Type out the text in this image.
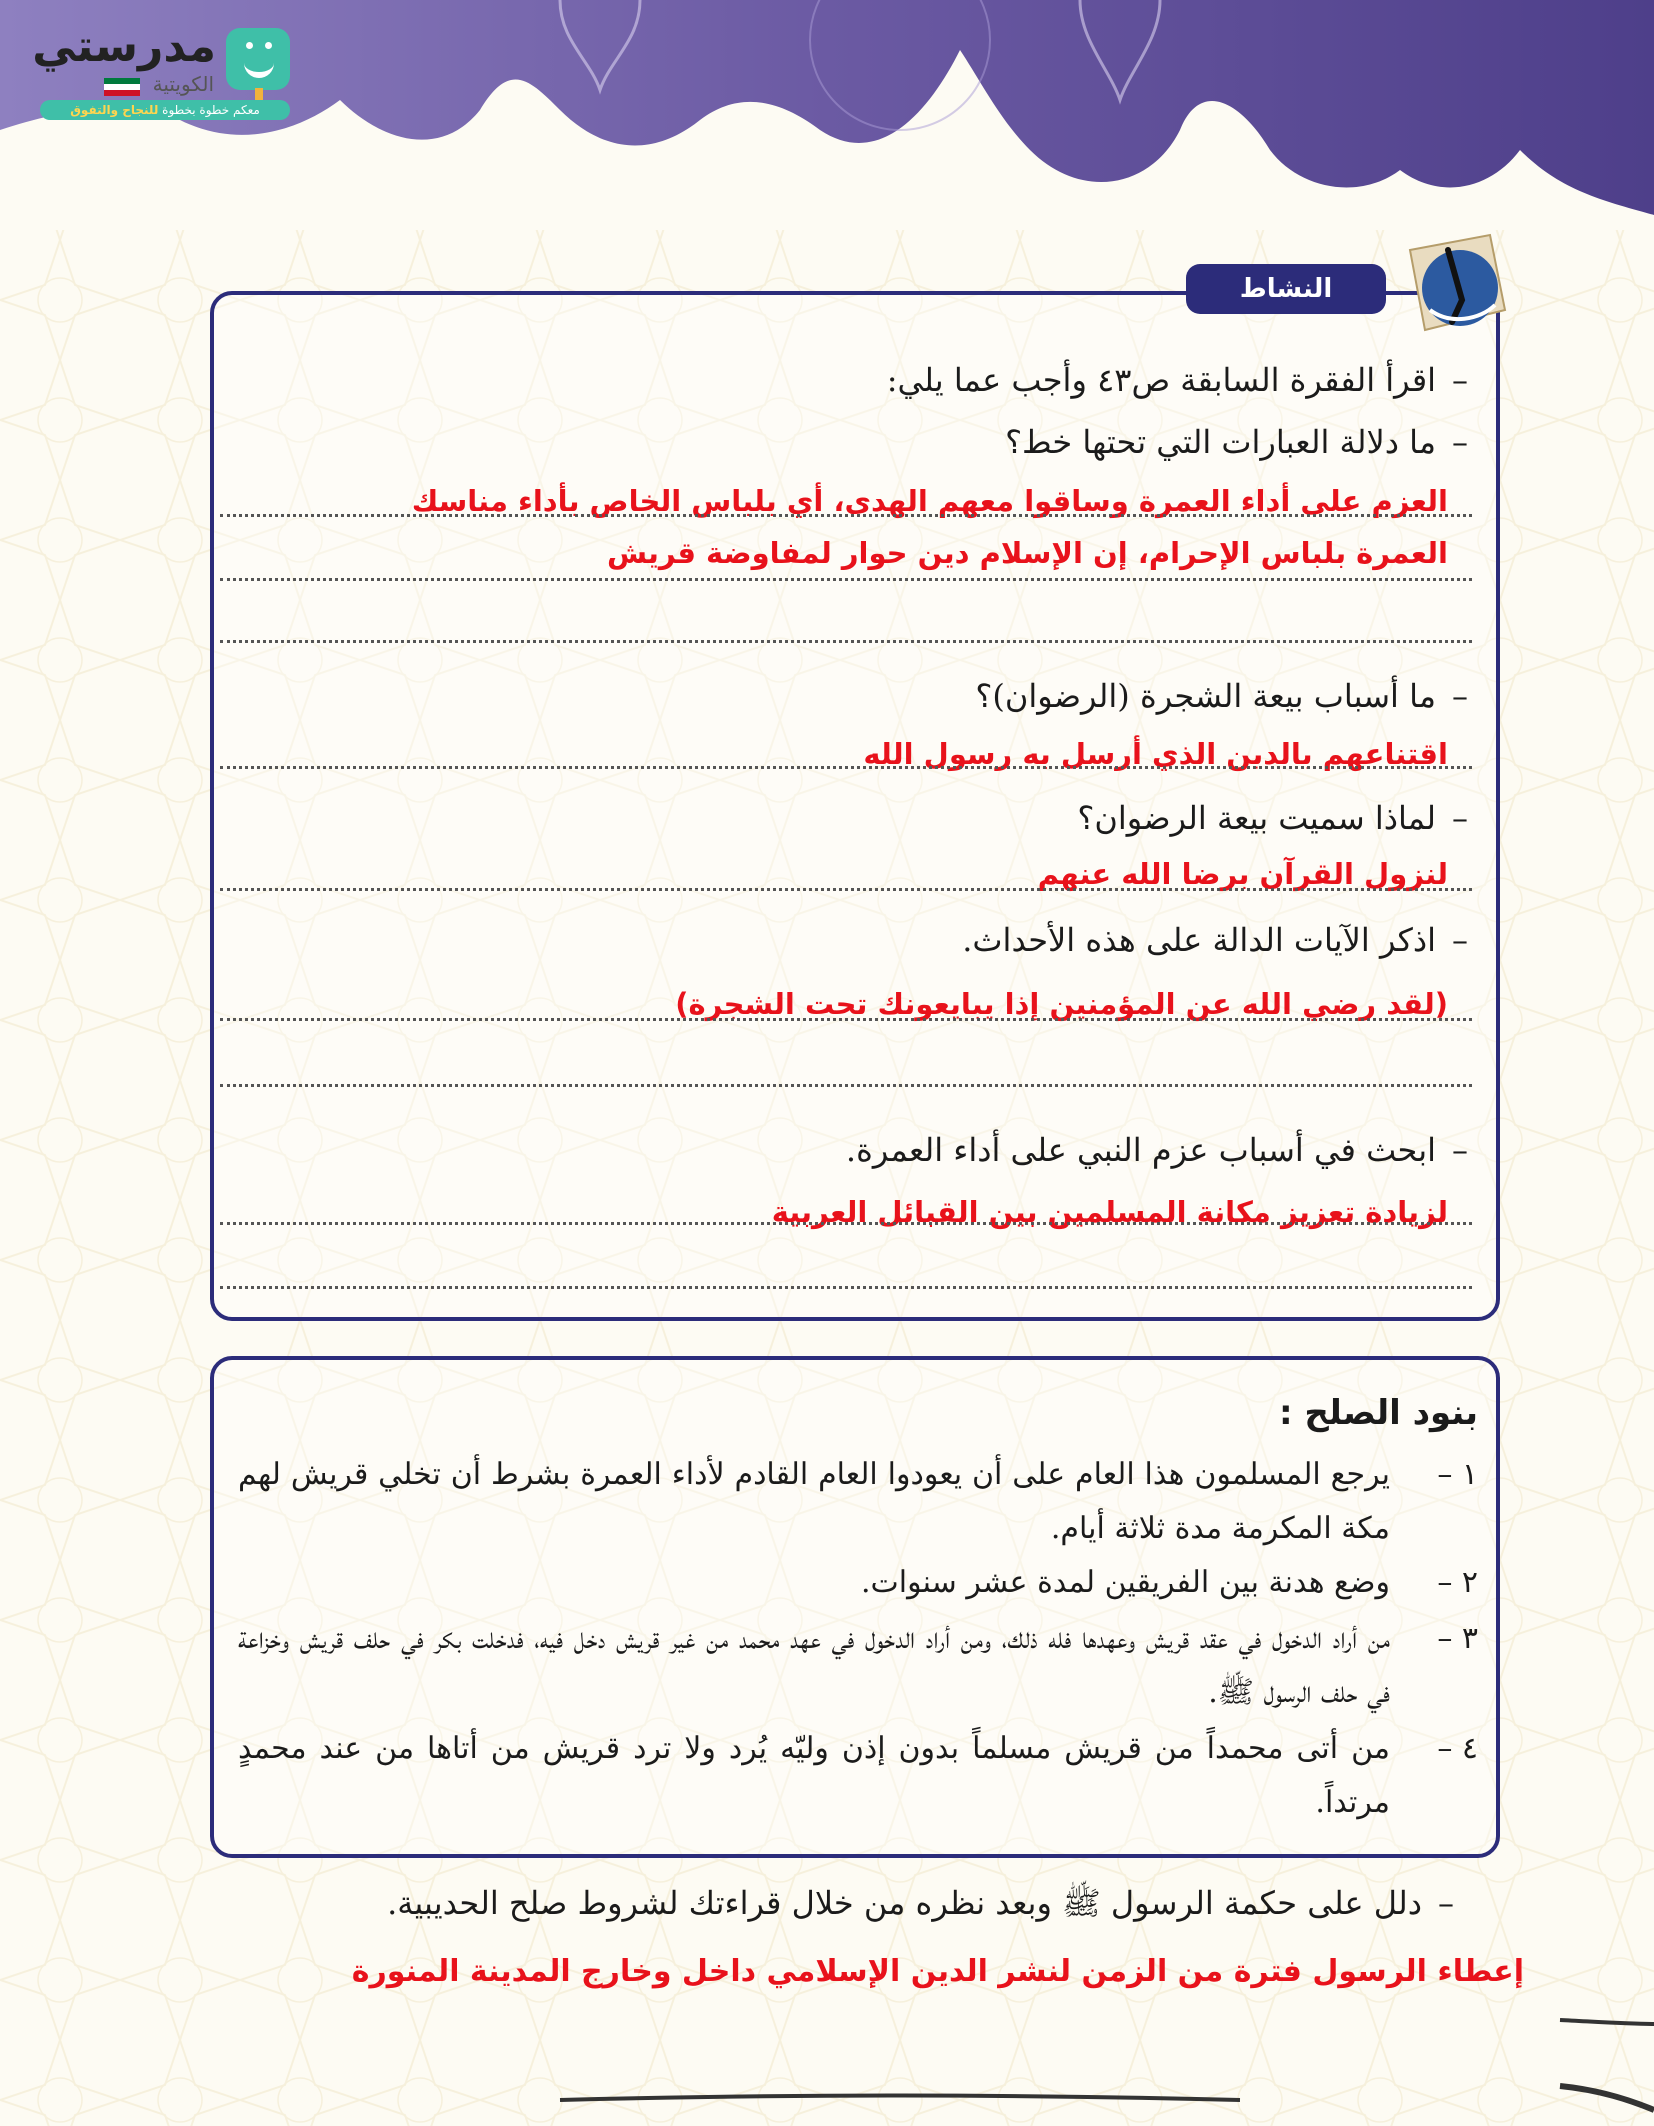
مدرستي
الكويتية
معكم خطوة بخطوة للنجاح والتفوق
النشاط
–اقرأ الفقرة السابقة ص٤٣ وأجب عما يلي:
–ما دلالة العبارات التي تحتها خط؟
العزم على أداء العمرة وساقوا معهم الهدى، أي بلباس الخاص بأداء مناسك
العمرة بلباس الإحرام، إن الإسلام دين حوار لمفاوضة قريش
–ما أسباب بيعة الشجرة (الرضوان)؟
اقتناعهم بالدين الذي أرسل به رسول الله
–لماذا سميت بيعة الرضوان؟
لنزول القرآن برضا الله عنهم
–اذكر الآيات الدالة على هذه الأحداث.
(لقد رضي الله عن المؤمنين إذا يبايعونك تحت الشجرة)
–ابحث في أسباب عزم النبي على أداء العمرة.
لزيادة تعزيز مكانة المسلمين بين القبائل العربية
بنود الصلح :
١ –
يرجع المسلمون هذا العام على أن يعودوا العام القادم لأداء العمرة بشرط أن تخلي قريش لهم مكة المكرمة مدة ثلاثة أيام.
٢ –
وضع هدنة بين الفريقين لمدة عشر سنوات.
٣ –
من أراد الدخول في عقد قريش وعهدها فله ذلك، ومن أراد الدخول في عهد محمد من غير قريش دخل فيه، فدخلت بكر في حلف قريش وخزاعة في حلف الرسول ﷺ.
٤ –
من أتى محمداً من قريش مسلماً بدون إذن وليّه يُرد ولا ترد قريش من أتاها من عند محمدٍ مرتداً.
–دلل على حكمة الرسول ﷺ وبعد نظره من خلال قراءتك لشروط صلح الحديبية.
إعطاء الرسول فترة من الزمن لنشر الدين الإسلامي داخل وخارج المدينة المنورة
